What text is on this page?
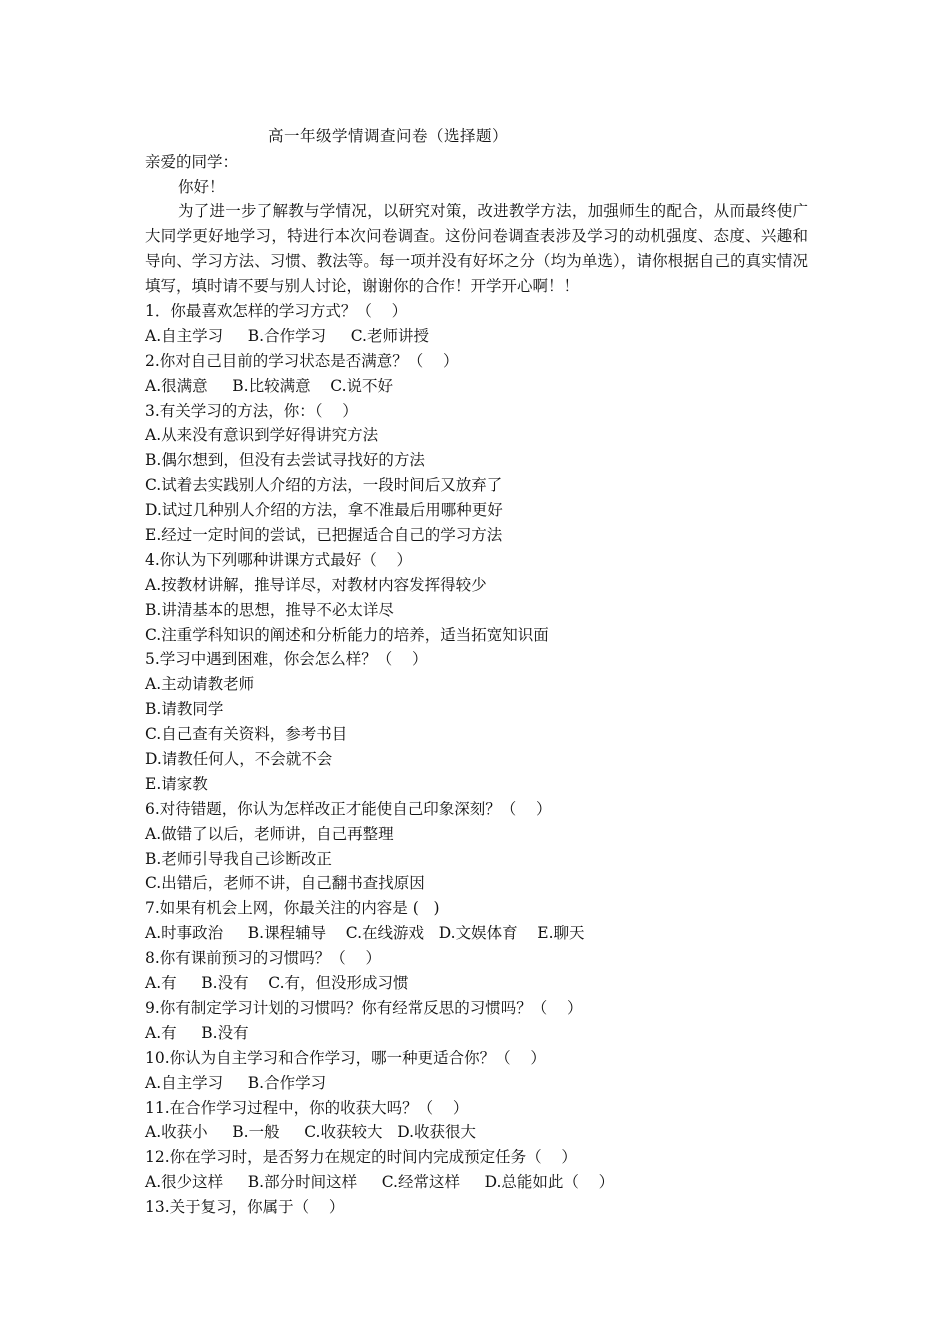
高一年级学情调查问卷（选择题）
亲爱的同学：
你好！

为了进一步了解教与学情况，以研究对策，改进教学方法，加强师生的配合，从而最终使广大同学更好地学习，特进行本次问卷调查。这份问卷调查表涉及学习的动机强度、态度、兴趣和导向、学习方法、习惯、教法等。每一项并没有好坏之分（均为单选），请你根据自己的真实情况填写，填时请不要与别人讨论，谢谢你的合作！开学开心啊！！

1．你最喜欢怎样的学习方式？（    ）
A.自主学习     B.合作学习     C.老师讲授
2.你对自己目前的学习状态是否满意？（    ）
A.很满意     B.比较满意    C.说不好
3.有关学习的方法，你：（    ）
A.从来没有意识到学好得讲究方法
B.偶尔想到，但没有去尝试寻找好的方法
C.试着去实践别人介绍的方法，一段时间后又放弃了
D.试过几种别人介绍的方法，拿不准最后用哪种更好
E.经过一定时间的尝试，已把握适合自己的学习方法
4.你认为下列哪种讲课方式最好（    ）
A.按教材讲解，推导详尽，对教材内容发挥得较少
B.讲清基本的思想，推导不必太详尽
C.注重学科知识的阐述和分析能力的培养，适当拓宽知识面
5.学习中遇到困难，你会怎么样？（    ）
A.主动请教老师
B.请教同学
C.自己查有关资料，参考书目
D.请教任何人，不会就不会
E.请家教
6.对待错题，你认为怎样改正才能使自己印象深刻？（    ）
A.做错了以后，老师讲，自己再整理
B.老师引导我自己诊断改正
C.出错后，老师不讲，自己翻书查找原因
7.如果有机会上网，你最关注的内容是 (   )
A.时事政治     B.课程辅导    C.在线游戏   D.文娱体育    E.聊天
8.你有课前预习的习惯吗？（    ）
A.有     B.没有    C.有，但没形成习惯
9.你有制定学习计划的习惯吗？你有经常反思的习惯吗？（    ）
A.有     B.没有
10.你认为自主学习和合作学习，哪一种更适合你？（    ）
A.自主学习     B.合作学习
11.在合作学习过程中，你的收获大吗？（    ）
A.收获小     B.一般     C.收获较大   D.收获很大
12.你在学习时，是否努力在规定的时间内完成预定任务（    ）
A.很少这样     B.部分时间这样     C.经常这样     D.总能如此（    ）
13.关于复习，你属于（    ）
